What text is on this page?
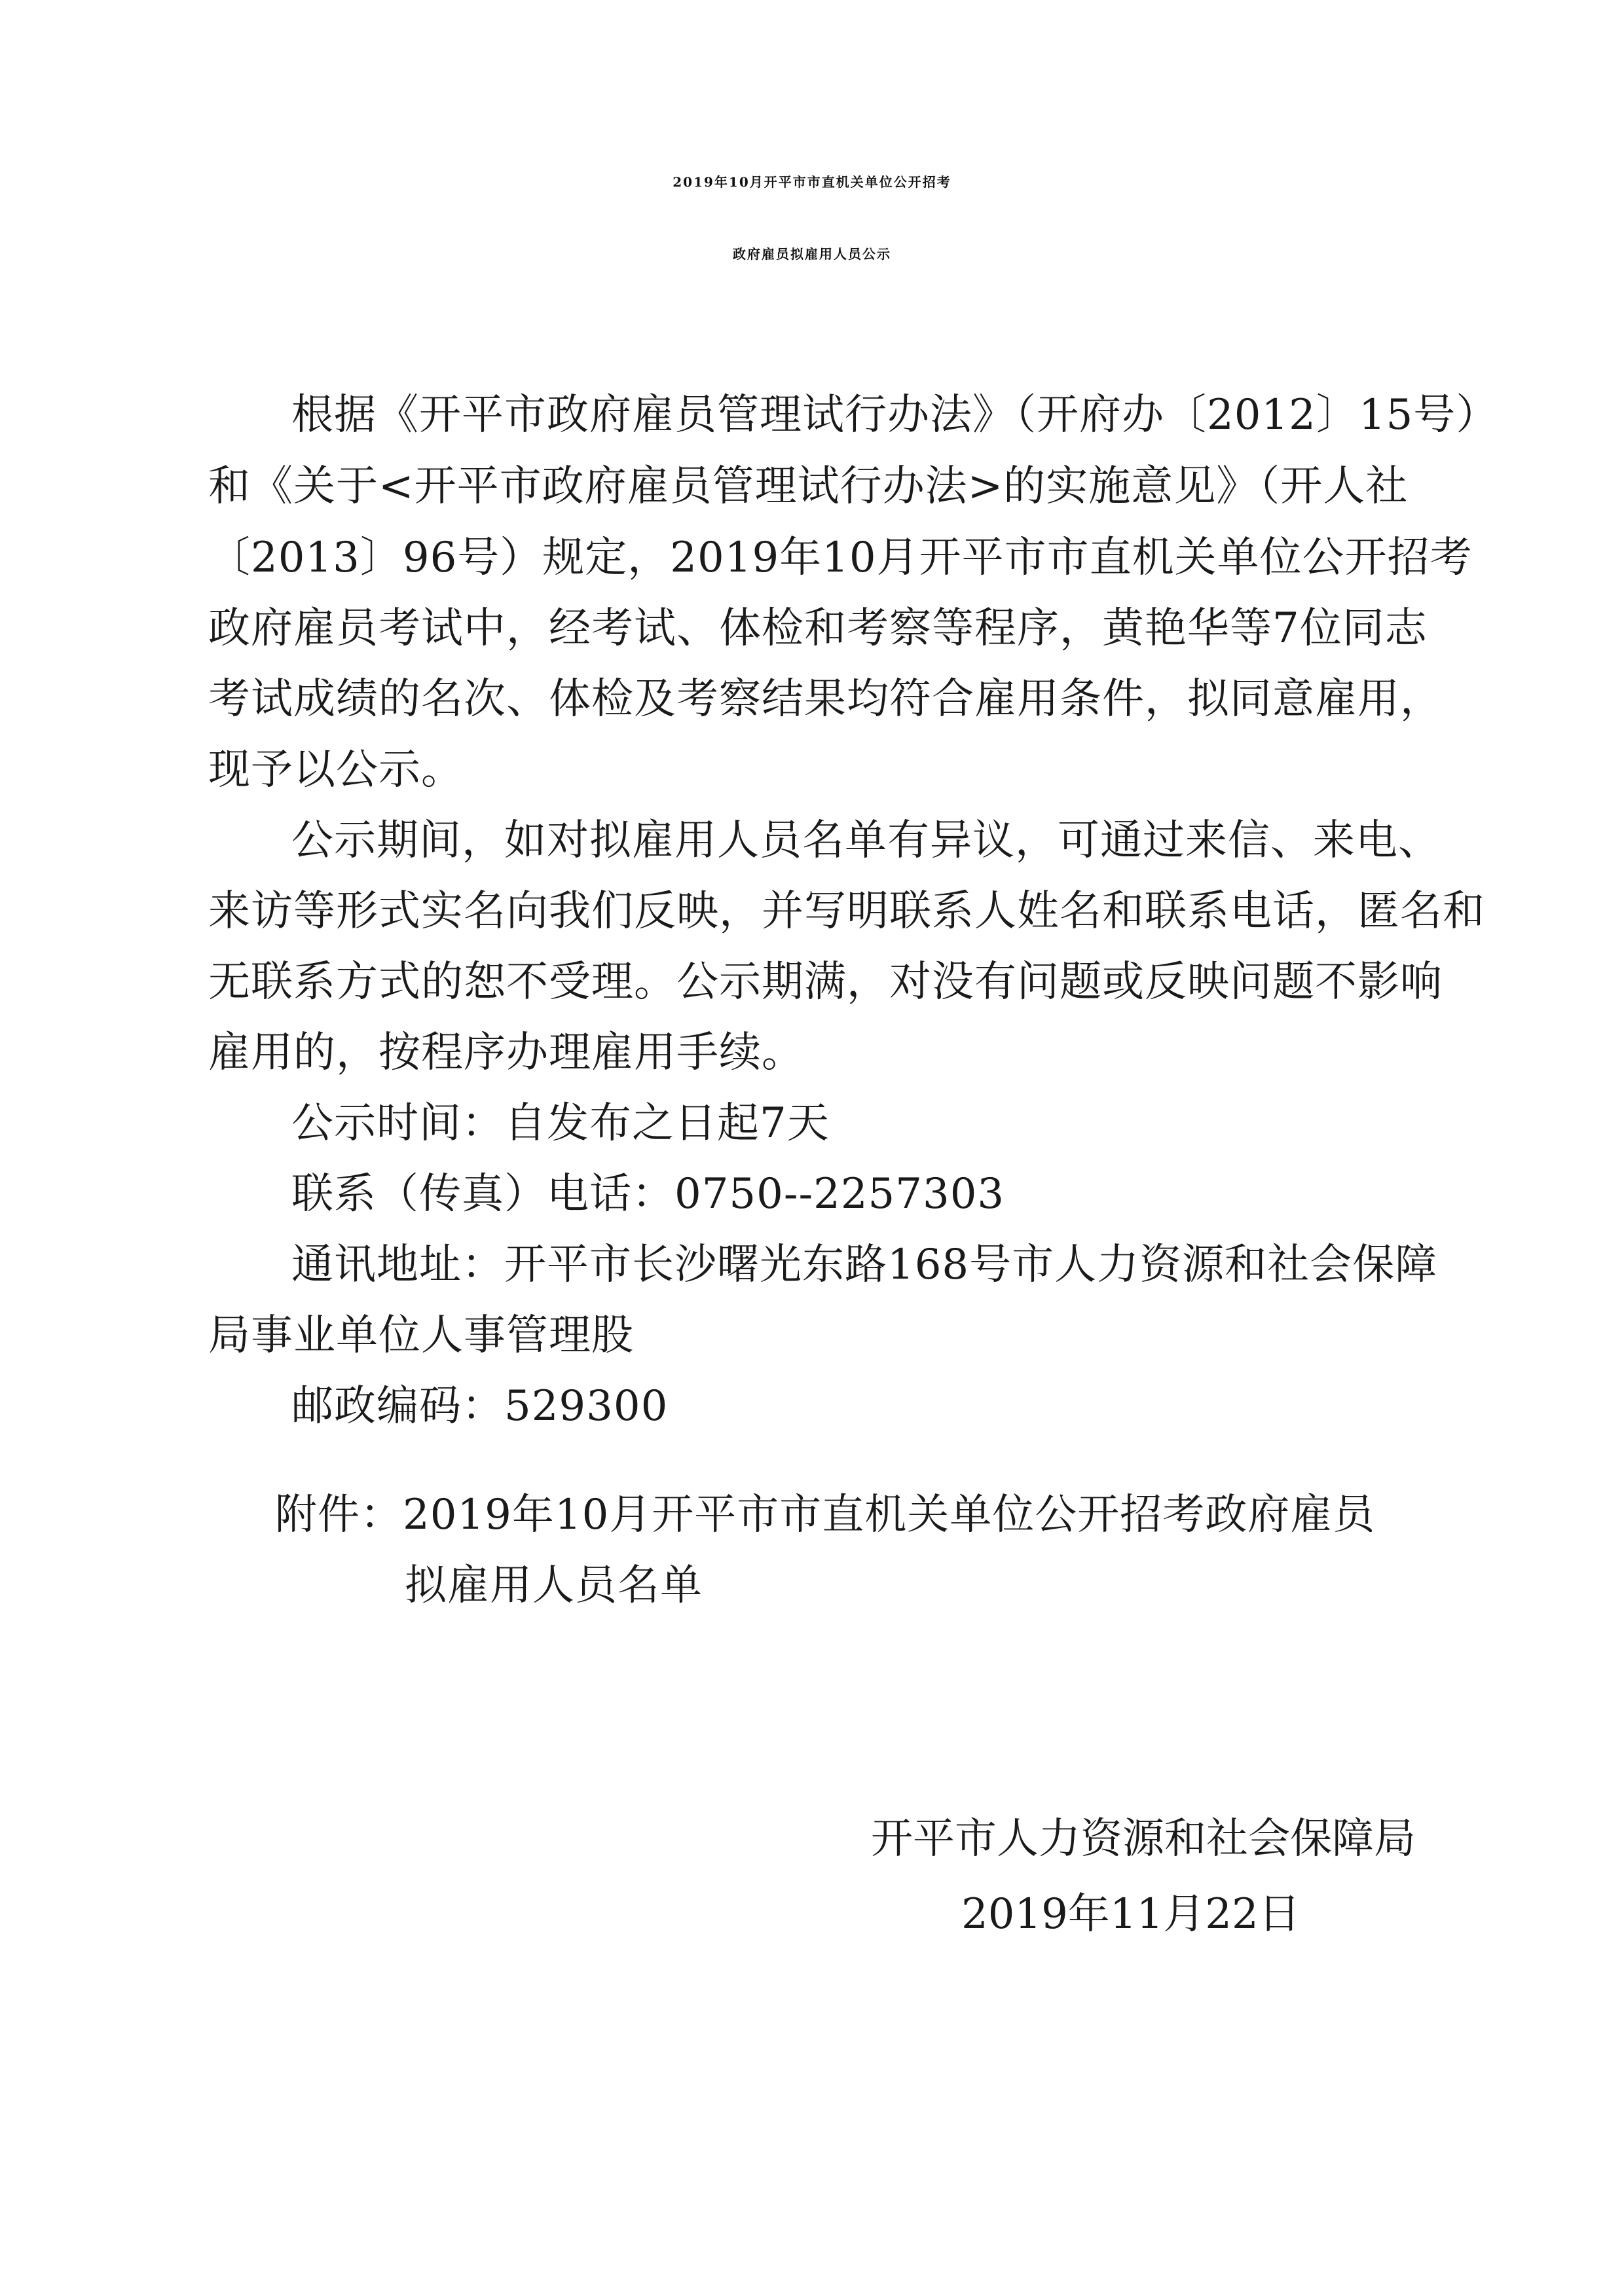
2019年10月开平市市直机关单位公开招考
政府雇员拟雇用人员公示
根据《开平市政府雇员管理试行办法》（开府办〔2012〕15号）
和《关于<开平市政府雇员管理试行办法>的实施意见》（开人社
〔2013〕96号）规定，2019年10月开平市市直机关单位公开招考
政府雇员考试中，经考试、体检和考察等程序，黄艳华等7位同志
考试成绩的名次、体检及考察结果均符合雇用条件，拟同意雇用，
现予以公示。
公示期间，如对拟雇用人员名单有异议，可通过来信、来电、
来访等形式实名向我们反映，并写明联系人姓名和联系电话，匿名和
无联系方式的恕不受理。公示期满，对没有问题或反映问题不影响
雇用的，按程序办理雇用手续。
公示时间：自发布之日起7天
联系（传真）电话：0750--2257303
通讯地址：开平市长沙曙光东路168号市人力资源和社会保障
局事业单位人事管理股
邮政编码：529300
附件：2019年10月开平市市直机关单位公开招考政府雇员
拟雇用人员名单
开平市人力资源和社会保障局
2019年11月22日
